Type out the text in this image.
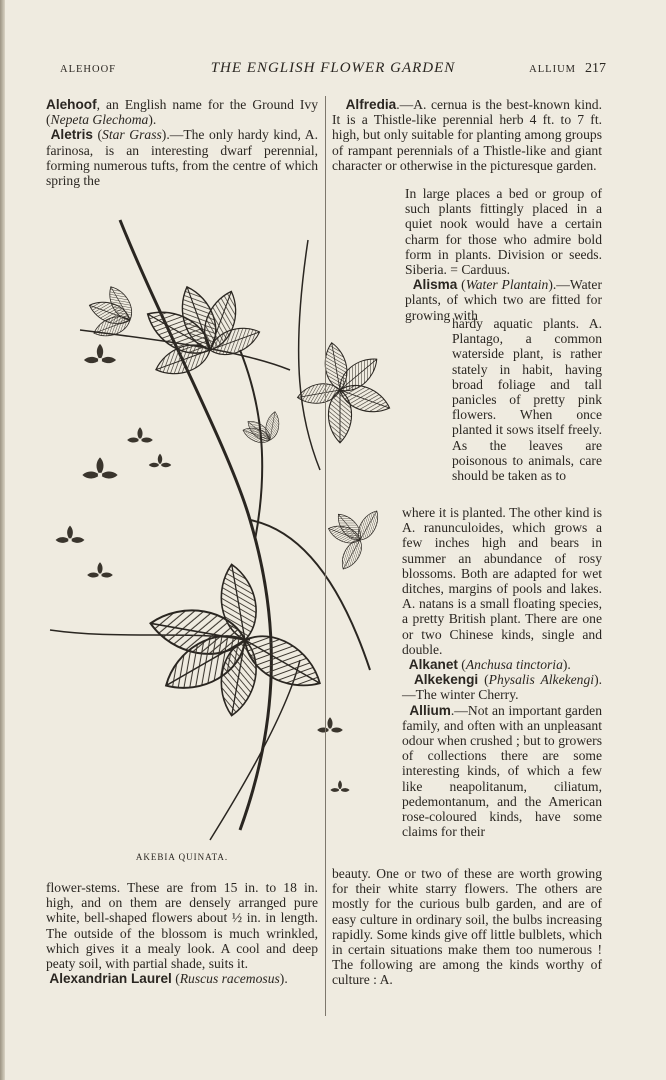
ALEHOOF	THE ENGLISH FLOWER GARDEN	ALLIUM 217

Alehoof, an English name for the Ground Ivy (Nepeta Glechoma).

Aletris (Star Grass).—The only hardy kind, A. farinosa, is an interesting dwarf perennial, forming numerous tufts, from the centre of which spring the

AKEBIA QUINATA.

flower-stems. These are from 15 in. to 18 in. high, and on them are densely arranged pure white, bell-shaped flowers about ½ in. in length. The outside of the blossom is much wrinkled, which gives it a mealy look. A cool and deep peaty soil, with partial shade, suits it.

Alexandrian Laurel (Ruscus racemosus).

Alfredia.—A. cernua is the best-known kind. It is a Thistle-like perennial herb 4 ft. to 7 ft. high, but only suitable for planting among groups of rampant perennials of a Thistle-like and giant character or otherwise in the picturesque garden.

In large places a bed or group of such plants fittingly placed in a quiet nook would have a certain charm for those who admire bold form in plants. Division or seeds. Siberia. = Carduus.

Alisma (Water Plantain).—Water plants, of which two are fitted for growing with

hardy aquatic plants. A. Plantago, a common waterside plant, is rather stately in habit, having broad foliage and tall panicles of pretty pink flowers. When once planted it sows itself freely. As the leaves are poisonous to animals, care should be taken as to

where it is planted. The other kind is A. ranunculoides, which grows a few inches high and bears in summer an abundance of rosy blossoms. Both are adapted for wet ditches, margins of pools and lakes. A. natans is a small floating species, a pretty British plant. There are one or two Chinese kinds, single and double.

Alkanet (Anchusa tinctoria).

Alkekengi (Physalis Alkekengi).—The winter Cherry.

Allium.—Not an important garden family, and often with an unpleasant odour when crushed ; but to growers of collections there are some interesting kinds, of which a few like neapolitanum, ciliatum, pedemontanum, and the American rose-coloured kinds, have some claims for their

beauty. One or two of these are worth growing for their white starry flowers. The others are mostly for the curious bulb garden, and are of easy culture in ordinary soil, the bulbs increasing rapidly. Some kinds give off little bulblets, which in certain situations make them too numerous ! The following are among the kinds worthy of culture : A.
